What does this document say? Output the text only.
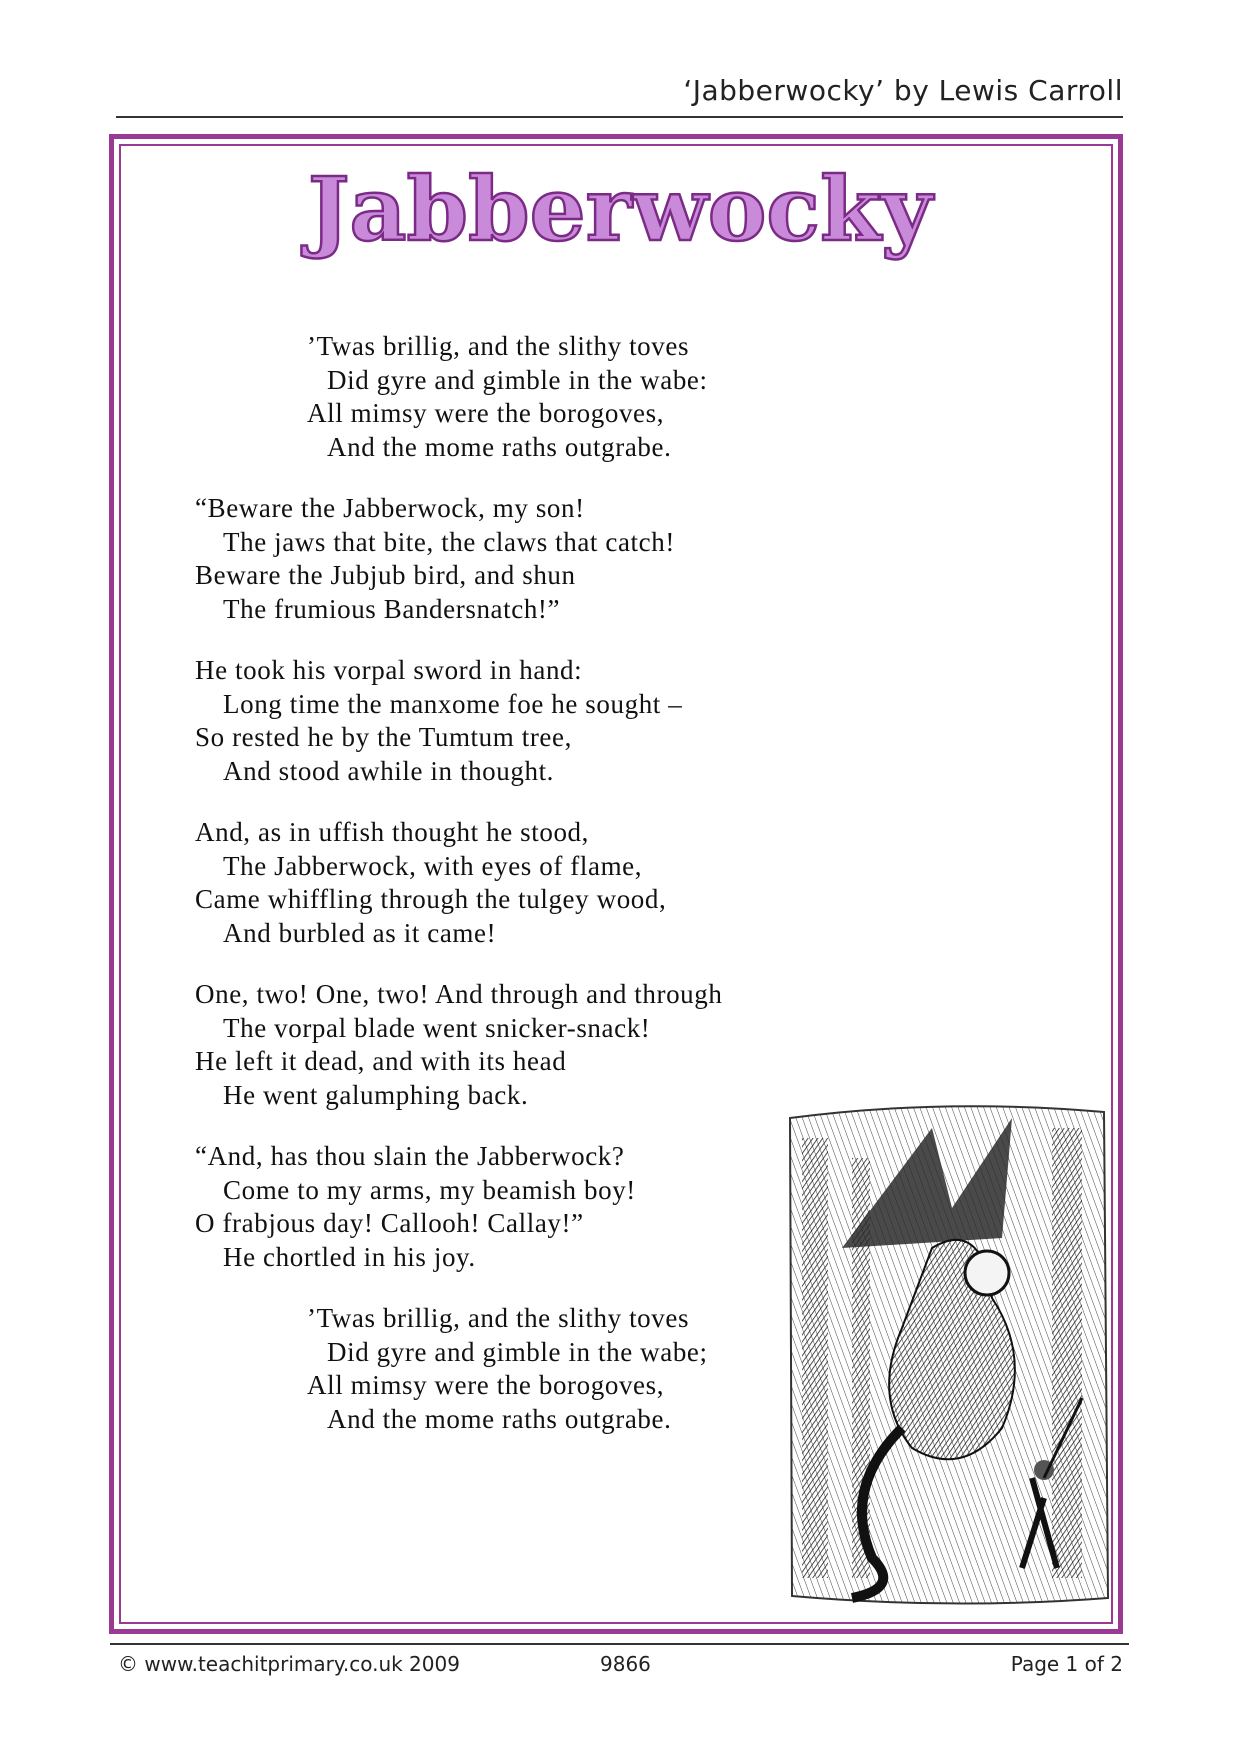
‘Jabberwocky’ by Lewis Carroll
Jabberwocky
’Twas brillig, and the slithy toves
Did gyre and gimble in the wabe:
All mimsy were the borogoves,
And the mome raths outgrabe.
“Beware the Jabberwock, my son!
The jaws that bite, the claws that catch!
Beware the Jubjub bird, and shun
The frumious Bandersnatch!”
He took his vorpal sword in hand:
Long time the manxome foe he sought –
So rested he by the Tumtum tree,
And stood awhile in thought.
And, as in uffish thought he stood,
The Jabberwock, with eyes of flame,
Came whiffling through the tulgey wood,
And burbled as it came!
One, two! One, two! And through and through
The vorpal blade went snicker-snack!
He left it dead, and with its head
He went galumphing back.
“And, has thou slain the Jabberwock?
Come to my arms, my beamish boy!
O frabjous day! Callooh! Callay!”
He chortled in his joy.
’Twas brillig, and the slithy toves
Did gyre and gimble in the wabe;
All mimsy were the borogoves,
And the mome raths outgrabe.
© www.teachitprimary.co.uk 2009	9866	Page 1 of 2
